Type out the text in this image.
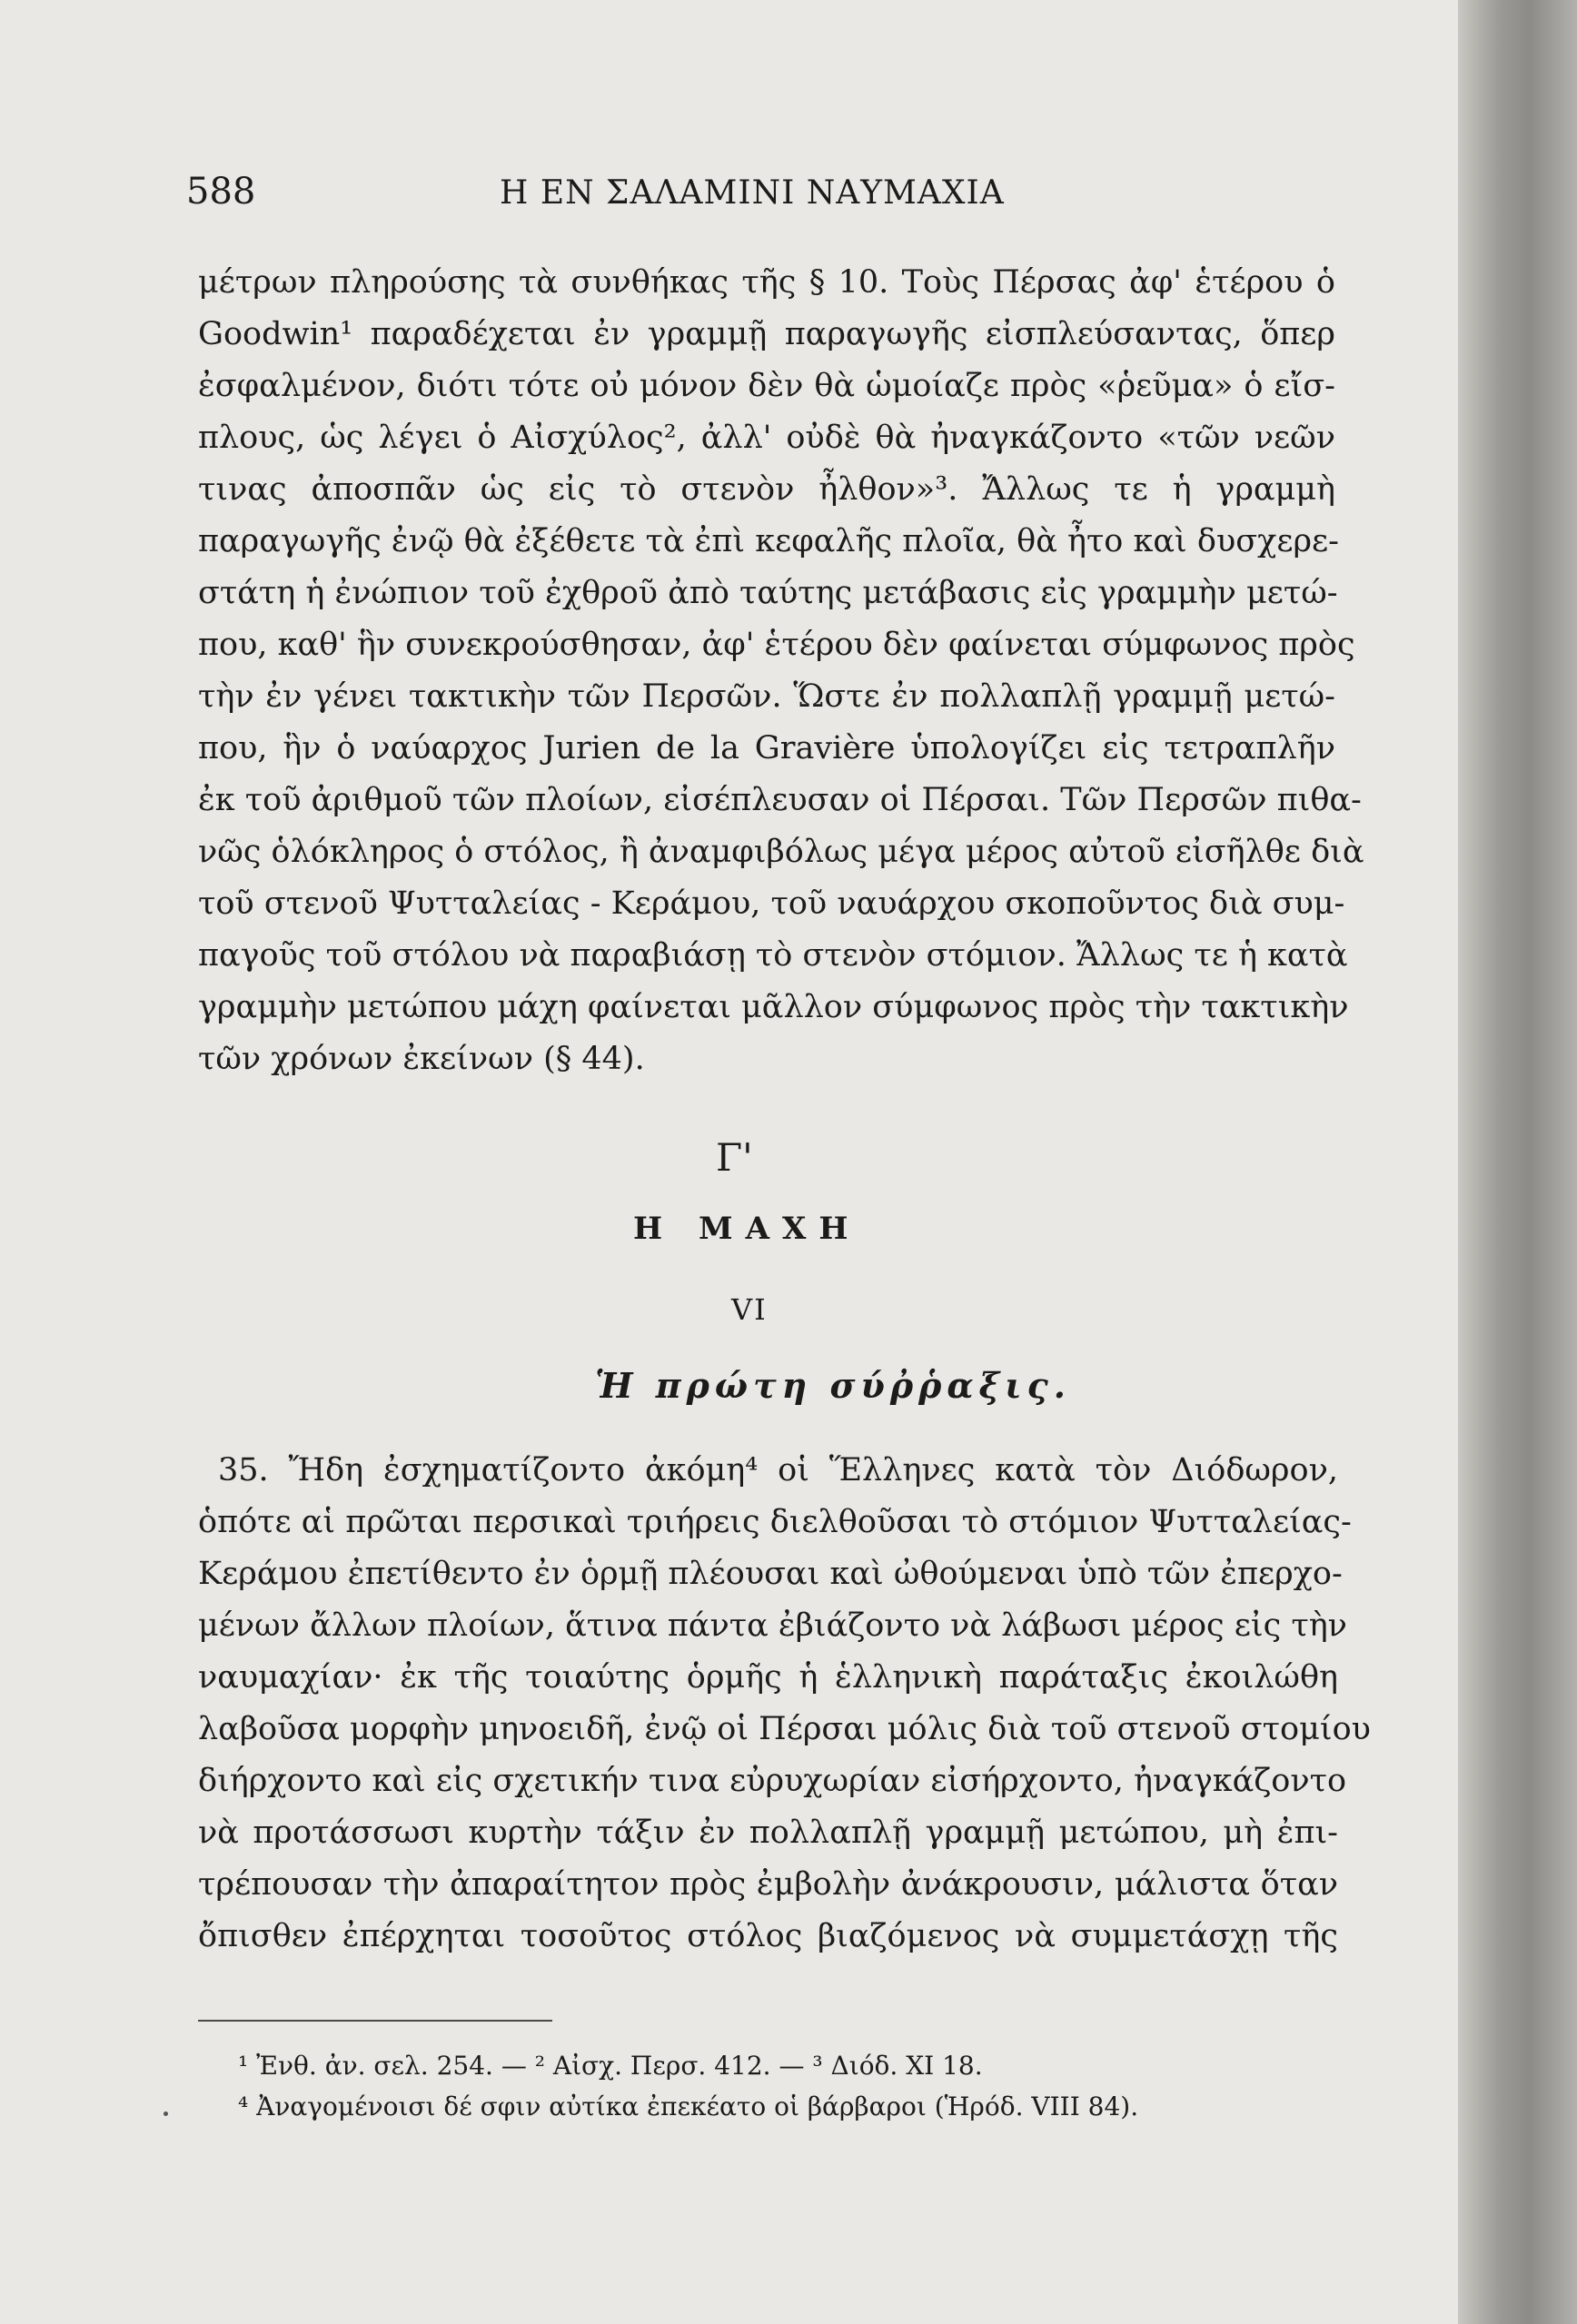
588	Η ΕΝ ΣΑΛΑΜΙΝΙ ΝΑΥΜΑΧΙΑ
μέτρων πληρούσης τὰ συνθήκας τῆς § 10. Τοὺς Πέρσας ἀφ' ἑτέρου ὁ
Goodwin¹ παραδέχεται ἐν γραμμῇ παραγωγῆς εἰσπλεύσαντας, ὅπερ
ἐσφαλμένον, διότι τότε οὐ μόνον δὲν θὰ ὡμοίαζε πρὸς «ῥεῦμα» ὁ εἴσ-
πλους, ὡς λέγει ὁ Αἰσχύλος², ἀλλ' οὐδὲ θὰ ἠναγκάζοντο «τῶν νεῶν
τινας ἀποσπᾶν ὡς εἰς τὸ στενὸν ἦλθον»³. Ἄλλως τε ἡ γραμμὴ
παραγωγῆς ἐνῷ θὰ ἐξέθετε τὰ ἐπὶ κεφαλῆς πλοῖα, θὰ ἦτο καὶ δυσχερε-
στάτη ἡ ἐνώπιον τοῦ ἐχθροῦ ἀπὸ ταύτης μετάβασις εἰς γραμμὴν μετώ-
που, καθ' ἣν συνεκρούσθησαν, ἀφ' ἑτέρου δὲν φαίνεται σύμφωνος πρὸς
τὴν ἐν γένει τακτικὴν τῶν Περσῶν. Ὥστε ἐν πολλαπλῇ γραμμῇ μετώ-
που, ἣν ὁ ναύαρχος Jurien de la Gravière ὑπολογίζει εἰς τετραπλῆν
ἐκ τοῦ ἀριθμοῦ τῶν πλοίων, εἰσέπλευσαν οἱ Πέρσαι. Τῶν Περσῶν πιθα-
νῶς ὁλόκληρος ὁ στόλος, ἢ ἀναμφιβόλως μέγα μέρος αὐτοῦ εἰσῆλθε διὰ
τοῦ στενοῦ Ψυτταλείας - Κεράμου, τοῦ ναυάρχου σκοποῦντος διὰ συμ-
παγοῦς τοῦ στόλου νὰ παραβιάσῃ τὸ στενὸν στόμιον. Ἄλλως τε ἡ κατὰ
γραμμὴν μετώπου μάχη φαίνεται μᾶλλον σύμφωνος πρὸς τὴν τακτικὴν
τῶν χρόνων ἐκείνων (§ 44).
Γ'
Η ΜΑΧΗ
VI
Ἡ πρώτη σύῤῥαξις.
35. Ἤδη ἐσχηματίζοντο ἀκόμη⁴ οἱ Ἕλληνες κατὰ τὸν Διόδωρον,
ὁπότε αἱ πρῶται περσικαὶ τριήρεις διελθοῦσαι τὸ στόμιον Ψυτταλείας-
Κεράμου ἐπετίθεντο ἐν ὁρμῇ πλέουσαι καὶ ὠθούμεναι ὑπὸ τῶν ἐπερχο-
μένων ἄλλων πλοίων, ἅτινα πάντα ἐβιάζοντο νὰ λάβωσι μέρος εἰς τὴν
ναυμαχίαν· ἐκ τῆς τοιαύτης ὁρμῆς ἡ ἑλληνικὴ παράταξις ἐκοιλώθη
λαβοῦσα μορφὴν μηνοειδῆ, ἐνῷ οἱ Πέρσαι μόλις διὰ τοῦ στενοῦ στομίου
διήρχοντο καὶ εἰς σχετικήν τινα εὐρυχωρίαν εἰσήρχοντο, ἠναγκάζοντο
νὰ προτάσσωσι κυρτὴν τάξιν ἐν πολλαπλῇ γραμμῇ μετώπου, μὴ ἐπι-
τρέπουσαν τὴν ἀπαραίτητον πρὸς ἐμβολὴν ἀνάκρουσιν, μάλιστα ὅταν
ὄπισθεν ἐπέρχηται τοσοῦτος στόλος βιαζόμενος νὰ συμμετάσχῃ τῆς
¹ Ἐνθ. ἀν. σελ. 254. — ² Αἰσχ. Περσ. 412. — ³ Διόδ. XI 18.
⁴ Ἀναγομένοισι δέ σφιν αὐτίκα ἐπεκέατο οἱ βάρβαροι (Ἡρόδ. VIII 84).
